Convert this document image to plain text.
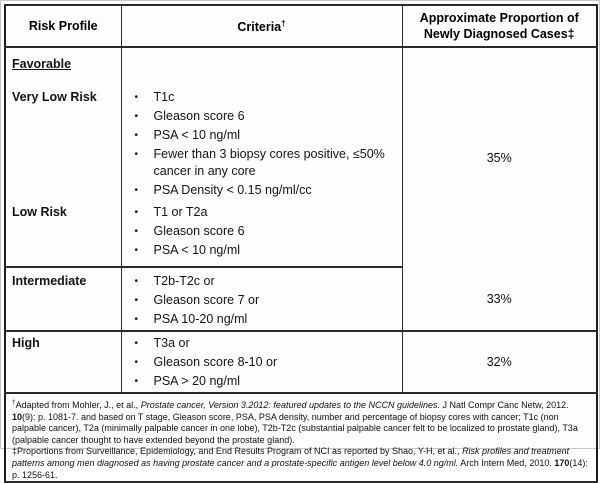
Risk Profile	Criteria†	Approximate Proportion of
Newly Diagnosed Cases‡

Favorable
Very Low Risk	•	T1c
•	Gleason score 6
•	PSA < 10 ng/ml
•	Fewer than 3 biopsy cores positive, ≤50% cancer in any core
•	PSA Density < 0.15 ng/ml/cc
	35%

Low Risk	•	T1 or T2a
•	Gleason score 6
•	PSA < 10 ng/ml

Intermediate	•	T2b-T2c or
•	Gleason score 7 or
•	PSA 10-20 ng/ml
	33%

High	•	T3a or
•	Gleason score 8-10 or
•	PSA > 20 ng/ml
	32%

†Adapted from Mohler, J., et al., Prostate cancer, Version 3.2012: featured updates to the NCCN guidelines. J Natl Compr Canc Netw, 2012. 10(9): p. 1081-7. and based on T stage, Gleason score, PSA, PSA density, number and percentage of biopsy cores with cancer; T1c (non palpable cancer), T2a (minimally palpable cancer in one lobe), T2b-T2c (substantial palpable cancer felt to be localized to prostate gland), T3a (palpable cancer thought to have extended beyond the prostate gland).
‡Proportions from Surveillance, Epidemiology, and End Results Program of NCI as reported by Shao, Y-H, et al., Risk profiles and treatment patterns among men diagnosed as having prostate cancer and a prostate-specific antigen level below 4.0 ng/ml. Arch Intern Med, 2010. 170(14): p. 1256-61.		
